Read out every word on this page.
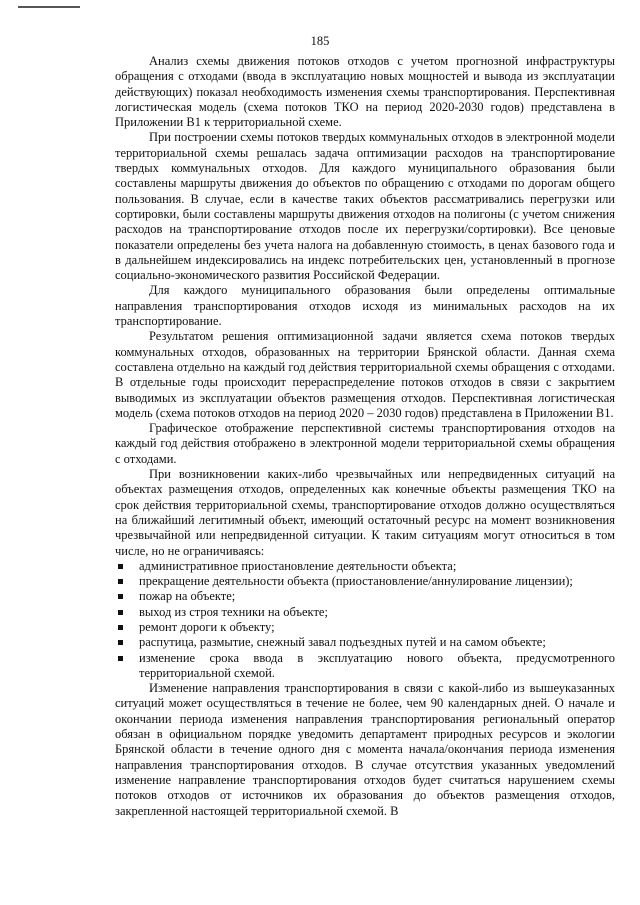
185

Анализ схемы движения потоков отходов с учетом прогнозной инфраструктуры обращения с отходами (ввода в эксплуатацию новых мощностей и вывода из эксплуатации действующих) показал необходимость изменения схемы транспортирования. Перспективная логистическая модель (схема потоков ТКО на период 2020-2030 годов) представлена в Приложении В1 к территориальной схеме.

При построении схемы потоков твердых коммунальных отходов в электронной модели территориальной схемы решалась задача оптимизации расходов на транспортирование твердых коммунальных отходов. Для каждого муниципального образования были составлены маршруты движения до объектов по обращению с отходами по дорогам общего пользования. В случае, если в качестве таких объектов рассматривались перегрузки или сортировки, были составлены маршруты движения отходов на полигоны (с учетом снижения расходов на транспортирование отходов после их перегрузки/сортировки). Все ценовые показатели определены без учета налога на добавленную стоимость, в ценах базового года и в дальнейшем индексировались на индекс потребительских цен, установленный в прогнозе социально-экономического развития Российской Федерации.

Для каждого муниципального образования были определены оптимальные направления транспортирования отходов исходя из минимальных расходов на их транспортирование.

Результатом решения оптимизационной задачи является схема потоков твердых коммунальных отходов, образованных на территории Брянской области. Данная схема составлена отдельно на каждый год действия территориальной схемы обращения с отходами. В отдельные годы происходит перераспределение потоков отходов в связи с закрытием выводимых из эксплуатации объектов размещения отходов. Перспективная логистическая модель (схема потоков отходов на период 2020 – 2030 годов) представлена в Приложении В1.

Графическое отображение перспективной системы транспортирования отходов на каждый год действия отображено в электронной модели территориальной схемы обращения с отходами.

При возникновении каких-либо чрезвычайных или непредвиденных ситуаций на объектах размещения отходов, определенных как конечные объекты размещения ТКО на срок действия территориальной схемы, транспортирование отходов должно осуществляться на ближайший легитимный объект, имеющий остаточный ресурс на момент возникновения чрезвычайной или непредвиденной ситуации. К таким ситуациям могут относиться в том числе, но не ограничиваясь:

административное приостановление деятельности объекта;
прекращение деятельности объекта (приостановление/аннулирование лицензии);
пожар на объекте;
выход из строя техники на объекте;
ремонт дороги к объекту;
распутица, размытие, снежный завал подъездных путей и на самом объекте;
изменение срока ввода в эксплуатацию нового объекта, предусмотренного территориальной схемой.

Изменение направления транспортирования в связи с какой-либо из вышеуказанных ситуаций может осуществляться в течение не более, чем 90 календарных дней. О начале и окончании периода изменения направления транспортирования региональный оператор обязан в официальном порядке уведомить департамент природных ресурсов и экологии Брянской области в течение одного дня с момента начала/окончания периода изменения направления транспортирования отходов. В случае отсутствия указанных уведомлений изменение направление транспортирования отходов будет считаться нарушением схемы потоков отходов от источников их образования до объектов размещения отходов, закрепленной настоящей территориальной схемой. В
